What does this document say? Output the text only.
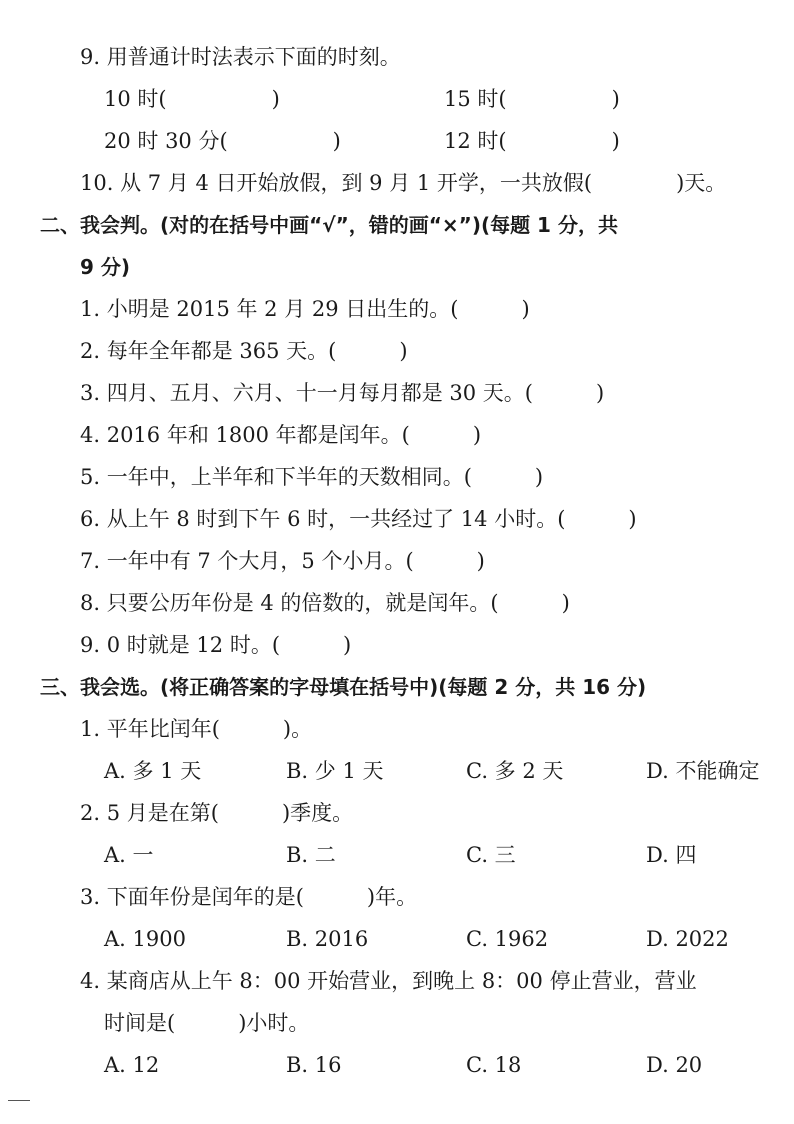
9. 用普通计时法表示下面的时刻。
10 时(　　　　　)	15 时(　　　　　)
20 时 30 分(　　　　　)	12 时(　　　　　)
10. 从 7 月 4 日开始放假，到 9 月 1 开学，一共放假(　　　　)天。
二、我会判。(对的在括号中画“√”，错的画“×”)(每题 1 分，共
9 分)
1. 小明是 2015 年 2 月 29 日出生的。(　　　)
2. 每年全年都是 365 天。(　　　)
3. 四月、五月、六月、十一月每月都是 30 天。(　　　)
4. 2016 年和 1800 年都是闰年。(　　　)
5. 一年中，上半年和下半年的天数相同。(　　　)
6. 从上午 8 时到下午 6 时，一共经过了 14 小时。(　　　)
7. 一年中有 7 个大月，5 个小月。(　　　)
8. 只要公历年份是 4 的倍数的，就是闰年。(　　　)
9. 0 时就是 12 时。(　　　)
三、我会选。(将正确答案的字母填在括号中)(每题 2 分，共 16 分)
1. 平年比闰年(　　　)。
A. 多 1 天	B. 少 1 天	C. 多 2 天	D. 不能确定
2. 5 月是在第(　　　)季度。
A. 一	B. 二	C. 三	D. 四
3. 下面年份是闰年的是(　　　)年。
A. 1900	B. 2016	C. 1962	D. 2022
4. 某商店从上午 8：00 开始营业，到晚上 8：00 停止营业，营业
时间是(　　　)小时。
A. 12	B. 16	C. 18	D. 20
